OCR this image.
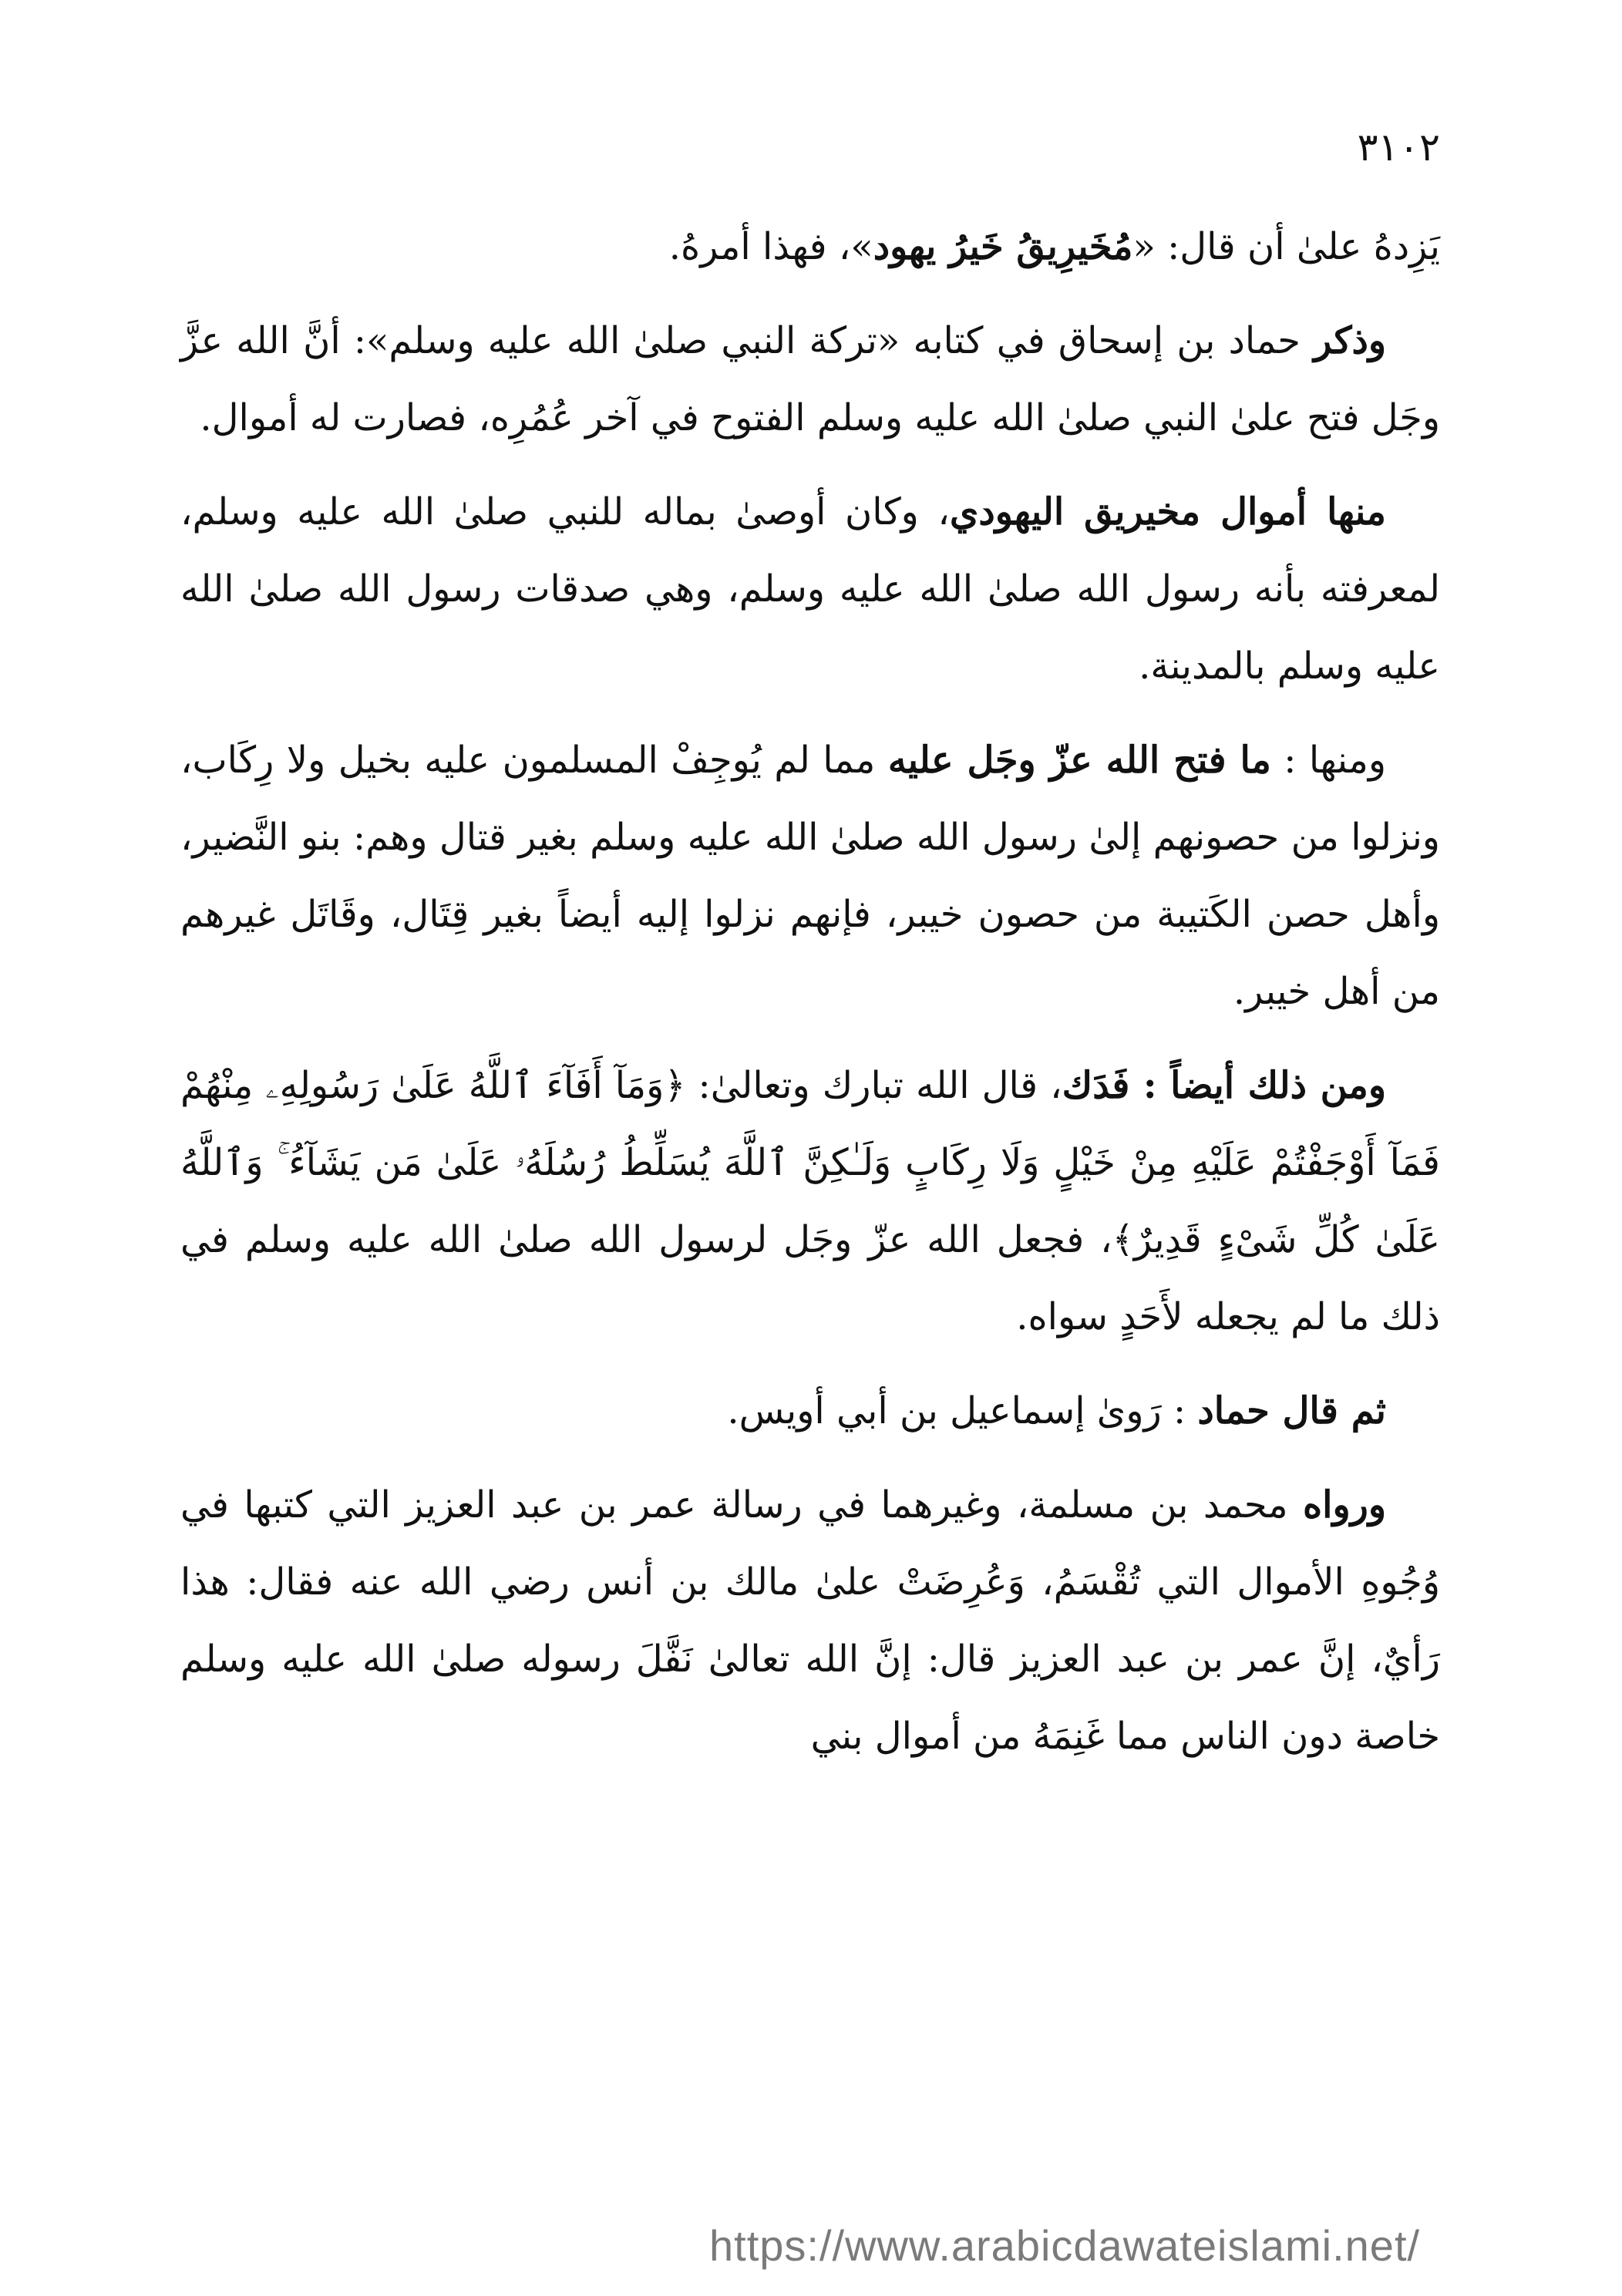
٣١٠٢

يَزِدهُ علىٰ أن قال: «مُخَيرِيقُ خَيرُ يهود»، فهذا أمرهُ.

وذكر حماد بن إسحاق في كتابه «تركة النبي صلىٰ الله عليه وسلم»: أنَّ الله عزَّ وجَل فتح علىٰ النبي صلىٰ الله عليه وسلم الفتوح في آخر عُمُرِه، فصارت له أموال.

منها أموال مخيريق اليهودي، وكان أوصىٰ بماله للنبي صلىٰ الله عليه وسلم، لمعرفته بأنه رسول الله صلىٰ الله عليه وسلم، وهي صدقات رسول الله صلىٰ الله عليه وسلم بالمدينة.

ومنها : ما فتح الله عزّ وجَل عليه مما لم يُوجِفْ المسلمون عليه بخيل ولا رِكَاب، ونزلوا من حصونهم إلىٰ رسول الله صلىٰ الله عليه وسلم بغير قتال وهم: بنو النَّضير، وأهل حصن الكَتيبة من حصون خيبر، فإنهم نزلوا إليه أيضاً بغير قِتَال، وقَاتَل غيرهم من أهل خيبر.

ومن ذلك أيضاً : فَدَك، قال الله تبارك وتعالىٰ: ﴿وَمَآ أَفَآءَ ٱللَّهُ عَلَىٰ رَسُولِهِۦ مِنْهُمْ فَمَآ أَوْجَفْتُمْ عَلَيْهِ مِنْ خَيْلٍ وَلَا رِكَابٍ وَلَـٰكِنَّ ٱللَّهَ يُسَلِّطُ رُسُلَهُۥ عَلَىٰ مَن يَشَآءُ ۚ وَٱللَّهُ عَلَىٰ كُلِّ شَىْءٍ قَدِيرٌ﴾، فجعل الله عزّ وجَل لرسول الله صلىٰ الله عليه وسلم في ذلك ما لم يجعله لأَحَدٍ سواه.

ثم قال حماد : رَوىٰ إسماعيل بن أبي أويس.

ورواه محمد بن مسلمة، وغيرهما في رسالة عمر بن عبد العزيز التي كتبها في وُجُوهِ الأموال التي تُقْسَمُ، وَعُرِضَتْ علىٰ مالك بن أنس رضي الله عنه فقال: هذا رَأيٌ، إنَّ عمر بن عبد العزيز قال: إنَّ الله تعالىٰ نَفَّلَ رسوله صلىٰ الله عليه وسلم خاصة دون الناس مما غَنِمَهُ من أموال بني

https://www.arabicdawateislami.net/
